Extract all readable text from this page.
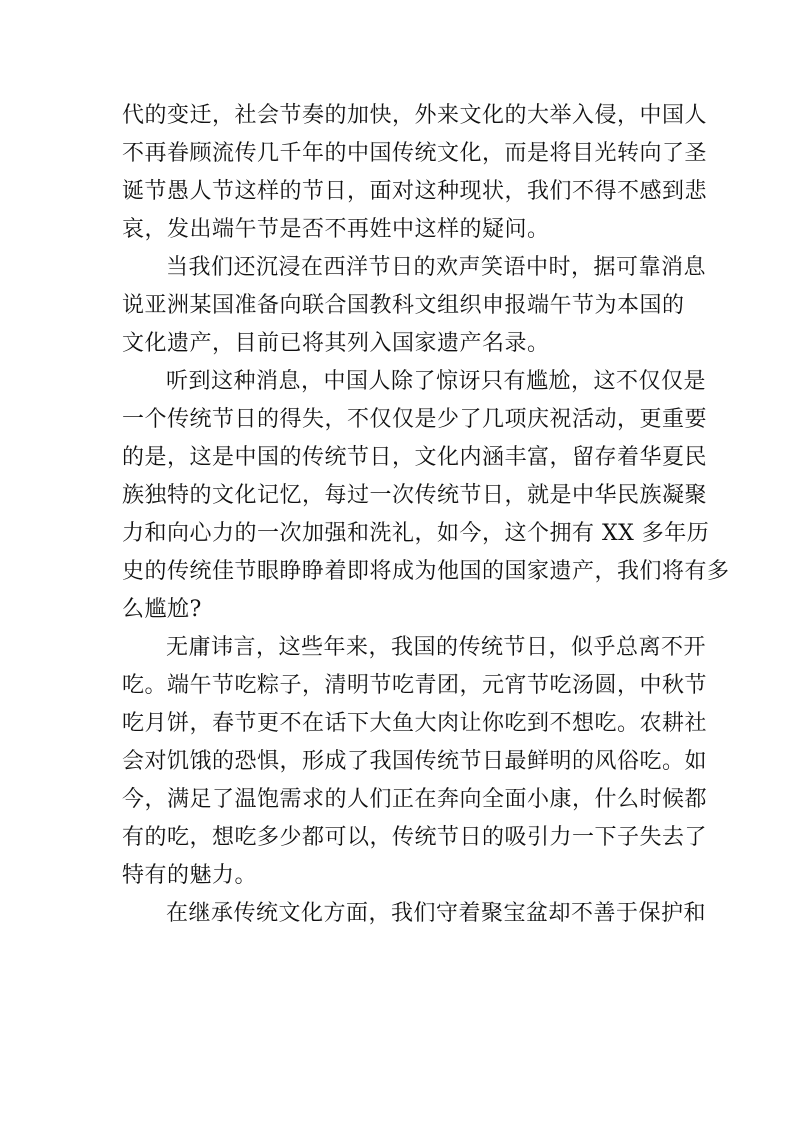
代的变迁，社会节奏的加快，外来文化的大举入侵，中国人
不再眷顾流传几千年的中国传统文化，而是将目光转向了圣
诞节愚人节这样的节日，面对这种现状，我们不得不感到悲
哀，发出端午节是否不再姓中这样的疑问。
当我们还沉浸在西洋节日的欢声笑语中时，据可靠消息
说亚洲某国准备向联合国教科文组织申报端午节为本国的
文化遗产，目前已将其列入国家遗产名录。
听到这种消息，中国人除了惊讶只有尴尬，这不仅仅是
一个传统节日的得失，不仅仅是少了几项庆祝活动，更重要
的是，这是中国的传统节日，文化内涵丰富，留存着华夏民
族独特的文化记忆，每过一次传统节日，就是中华民族凝聚
力和向心力的一次加强和洗礼，如今，这个拥有 XX 多年历
史的传统佳节眼睁睁着即将成为他国的国家遗产，我们将有多
么尴尬?
无庸讳言，这些年来，我国的传统节日，似乎总离不开
吃。端午节吃粽子，清明节吃青团，元宵节吃汤圆，中秋节
吃月饼，春节更不在话下大鱼大肉让你吃到不想吃。农耕社
会对饥饿的恐惧，形成了我国传统节日最鲜明的风俗吃。如
今，满足了温饱需求的人们正在奔向全面小康，什么时候都
有的吃，想吃多少都可以，传统节日的吸引力一下子失去了
特有的魅力。
在继承传统文化方面，我们守着聚宝盆却不善于保护和
